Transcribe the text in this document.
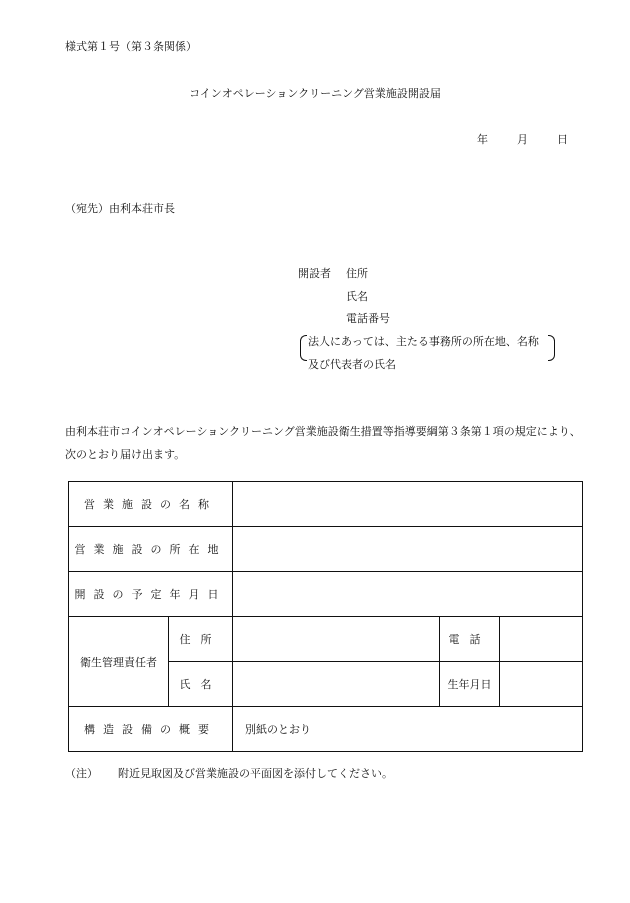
様式第１号（第３条関係）
コインオペレーションクリーニング営業施設開設届
年	月	日
（宛先）由利本荘市長
開設者 住所
氏名
電話番号
法人にあっては、主たる事務所の所在地、名称
及び代表者の氏名
由利本荘市コインオペレーションクリーニング営業施設衛生措置等指導要綱第３条第１項の規定により、
次のとおり届け出ます。
営業施設の名称				
営業施設の所在地				
開設の予定年月日				
衛生管理責任者	住所		電話	
	氏名		生年月日	
構造設備の概要		別紙のとおり		
（注） 附近見取図及び営業施設の平面図を添付してください。
